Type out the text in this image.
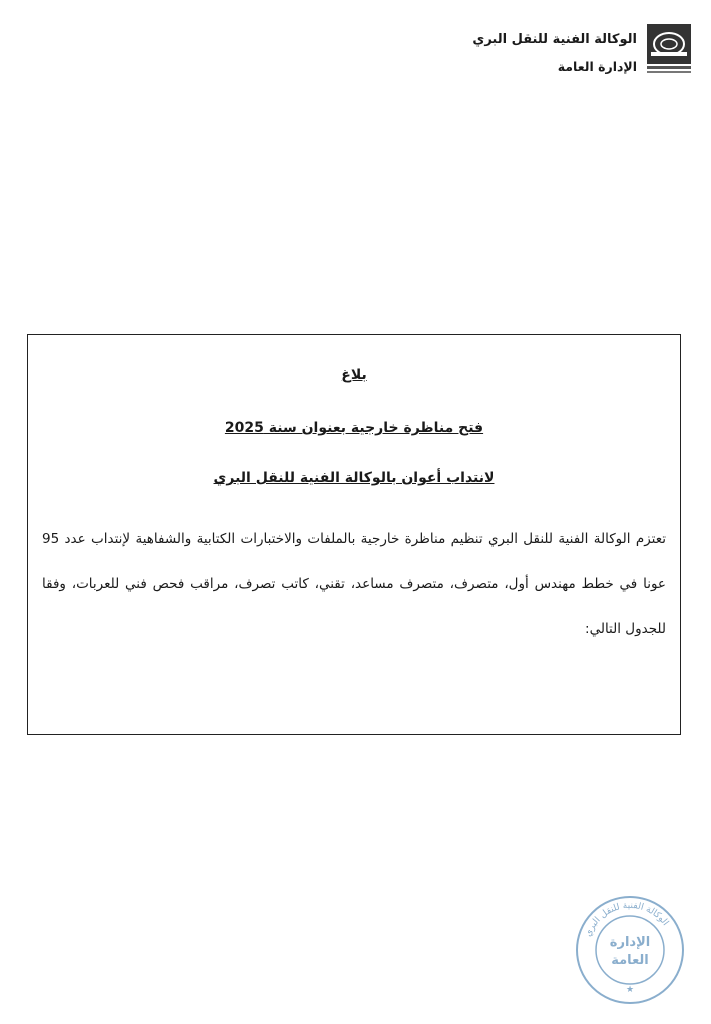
الوكالة الفنية للنقل البري
الإدارة العامة
بلاغ
فتح مناظرة خارجية بعنوان سنة 2025
لانتداب أعوان بالوكالة الفنية للنقل البري
تعتزم الوكالة الفنية للنقل البري تنظيم مناظرة خارجية بالملفات والاختبارات الكتابية والشفاهية لإنتداب عدد 95 عونا في خطط مهندس أول، متصرف، متصرف مساعد، تقني، كاتب تصرف، مراقب فحص فني للعربات، وفقا للجدول التالي:
الوكالة الفنية للنقل البري
الإدارة
العامة
★
